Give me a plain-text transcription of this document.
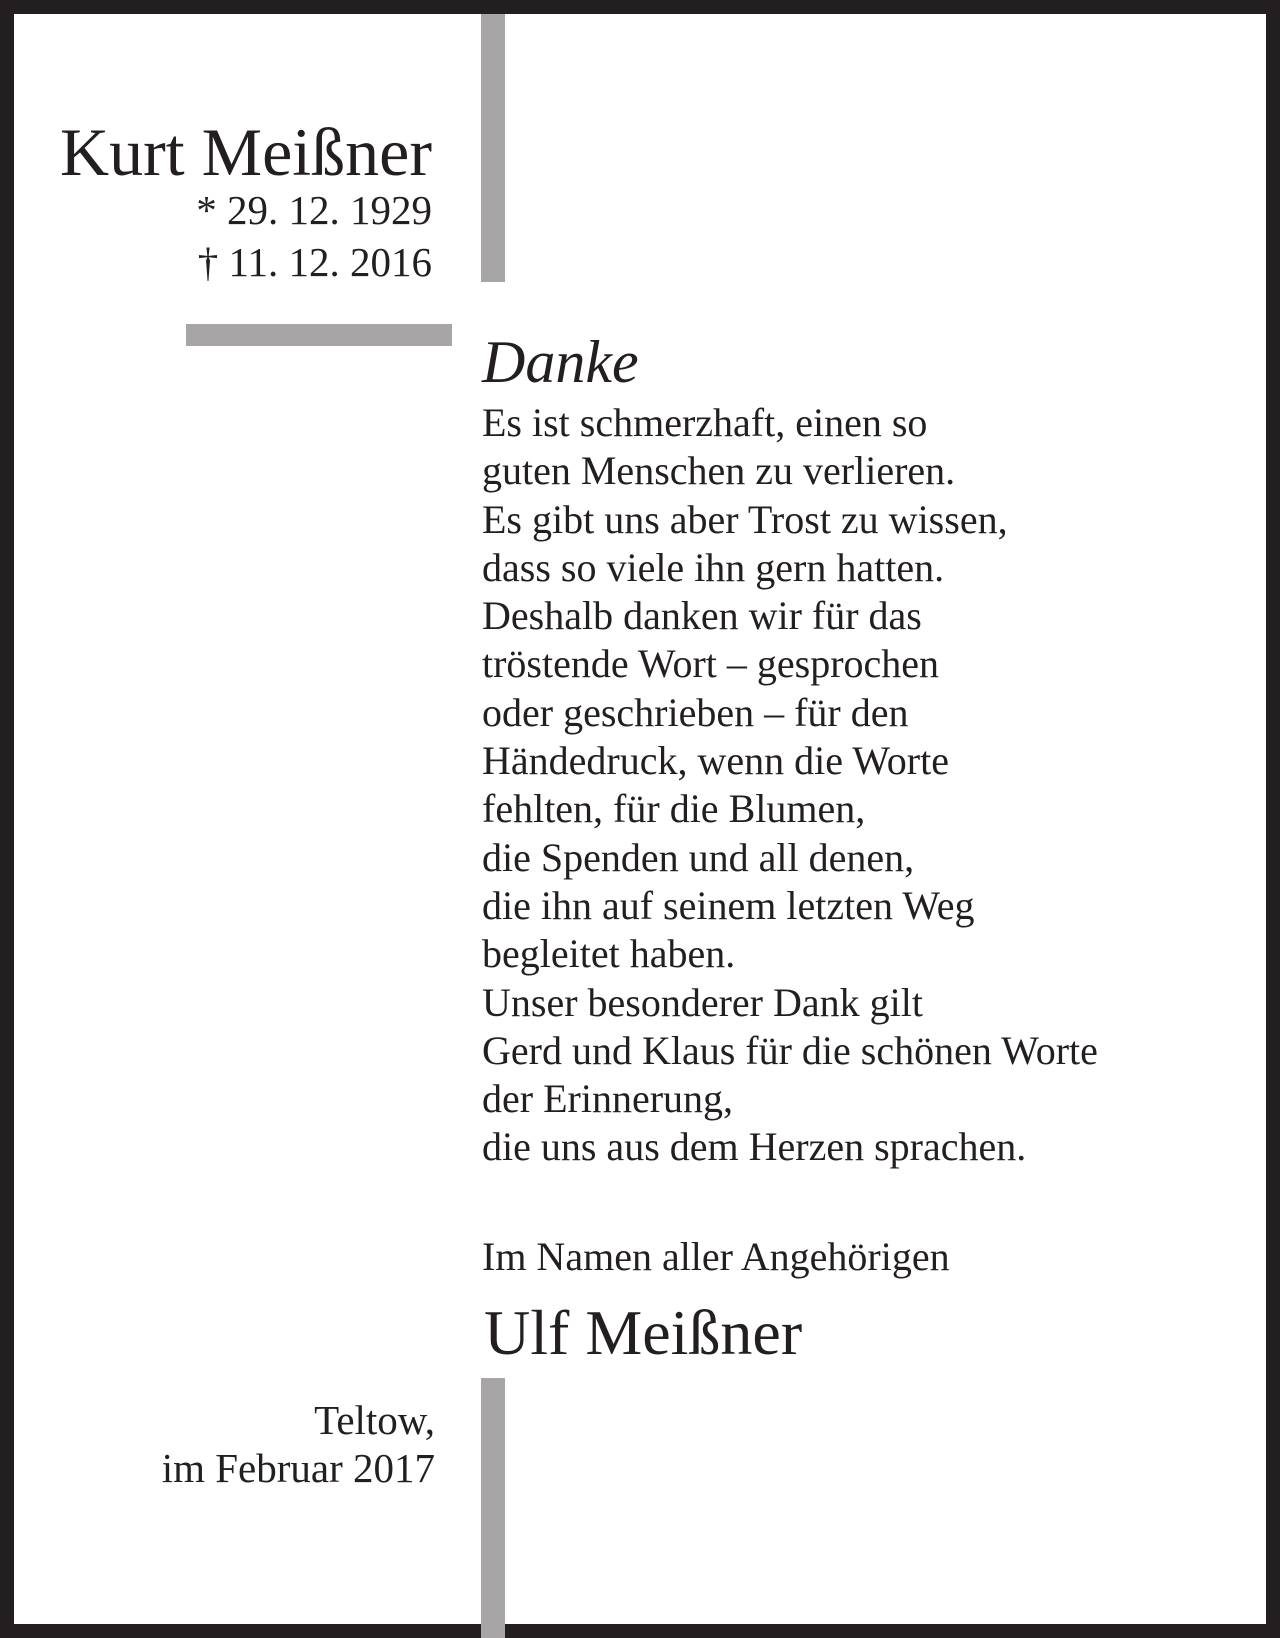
Kurt Meißner
* 29. 12. 1929
† 11. 12. 2016
Danke
Es ist schmerzhaft, einen so
guten Menschen zu verlieren.
Es gibt uns aber Trost zu wissen,
dass so viele ihn gern hatten.
Deshalb danken wir für das
tröstende Wort – gesprochen
oder geschrieben – für den
Händedruck, wenn die Worte
fehlten, für die Blumen,
die Spenden und all denen,
die ihn auf seinem letzten Weg
begleitet haben.
Unser besonderer Dank gilt
Gerd und Klaus für die schönen Worte
der Erinnerung,
die uns aus dem Herzen sprachen.
Im Namen aller Angehörigen
Ulf Meißner
Teltow,
im Februar 2017
